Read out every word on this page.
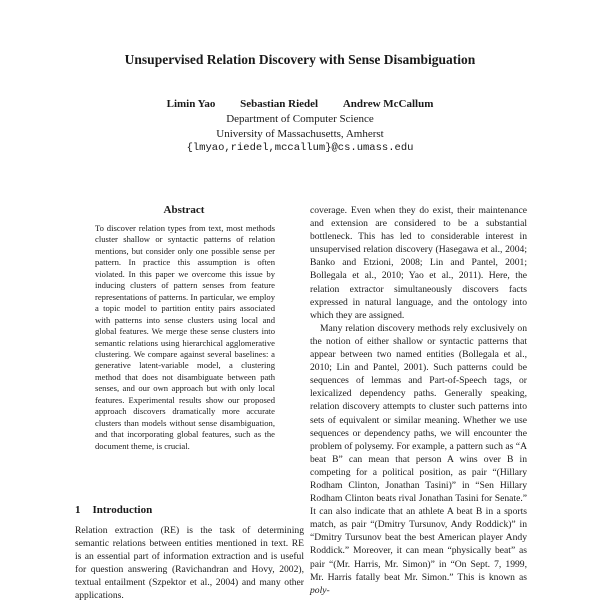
Unsupervised Relation Discovery with Sense Disambiguation
Limin Yao Sebastian Riedel Andrew McCallum
Department of Computer Science
University of Massachusetts, Amherst
{lmyao,riedel,mccallum}@cs.umass.edu
Abstract
To discover relation types from text, most methods cluster shallow or syntactic patterns of relation mentions, but consider only one possible sense per pattern. In practice this assumption is often violated. In this paper we overcome this issue by inducing clusters of pattern senses from feature representations of patterns. In particular, we employ a topic model to partition entity pairs associated with patterns into sense clusters using local and global features. We merge these sense clusters into semantic relations using hierarchical agglomerative clustering. We compare against several baselines: a generative latent-variable model, a clustering method that does not disambiguate between path senses, and our own approach but with only local features. Experimental results show our proposed approach discovers dramatically more accurate clusters than models without sense disambiguation, and that incorporating global features, such as the document theme, is crucial.
1 Introduction
Relation extraction (RE) is the task of determining semantic relations between entities mentioned in text. RE is an essential part of information extraction and is useful for question answering (Ravichandran and Hovy, 2002), textual entailment (Szpektor et al., 2004) and many other applications.

coverage. Even when they do exist, their maintenance and extension are considered to be a substantial bottleneck. This has led to considerable interest in unsupervised relation discovery (Hasegawa et al., 2004; Banko and Etzioni, 2008; Lin and Pantel, 2001; Bollegala et al., 2010; Yao et al., 2011). Here, the relation extractor simultaneously discovers facts expressed in natural language, and the ontology into which they are assigned.

Many relation discovery methods rely exclusively on the notion of either shallow or syntactic patterns that appear between two named entities (Bollegala et al., 2010; Lin and Pantel, 2001). Such patterns could be sequences of lemmas and Part-of-Speech tags, or lexicalized dependency paths. Generally speaking, relation discovery attempts to cluster such patterns into sets of equivalent or similar meaning. Whether we use sequences or dependency paths, we will encounter the problem of polysemy. For example, a pattern such as “A beat B” can mean that person A wins over B in competing for a political position, as pair “(Hillary Rodham Clinton, Jonathan Tasini)” in “Sen Hillary Rodham Clinton beats rival Jonathan Tasini for Senate.” It can also indicate that an athlete A beat B in a sports match, as pair “(Dmitry Tursunov, Andy Roddick)” in “Dmitry Tursunov beat the best American player Andy Roddick.” Moreover, it can mean “physically beat” as pair “(Mr. Harris, Mr. Simon)” in “On Sept. 7, 1999, Mr. Harris fatally beat Mr. Simon.” This is known as poly-
